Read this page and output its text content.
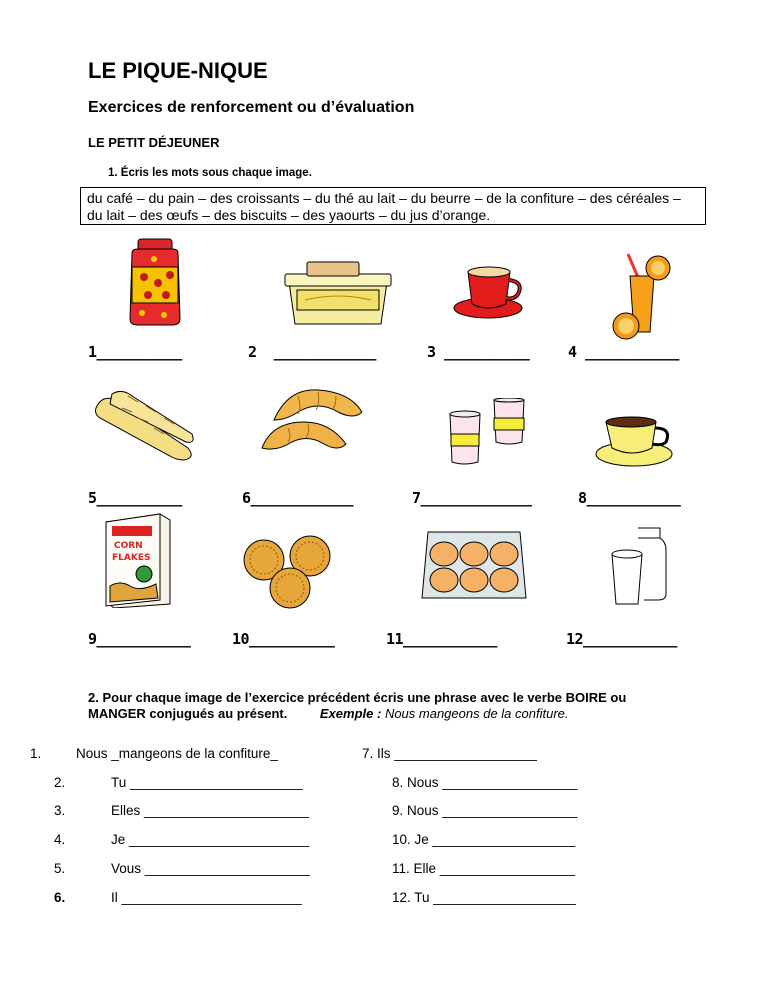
LE PIQUE-NIQUE
Exercices de renforcement ou d’évaluation
LE PETIT DÉJEUNER
1. Écris les mots sous chaque image.
du café – du pain – des croissants – du thé au lait – du beurre – de la confiture – des céréales – du lait – des œufs – des biscuits – des yaourts – du jus d’orange.
1__________	2  ____________	3 __________	4 ___________
5__________	6____________	7_____________	8___________
CORN
FLAKES
9___________	10__________	11___________	12___________
2. Pour chaque image de l’exercice précédent écris une phrase avec le verbe BOIRE ou MANGER conjugués au présent.	Exemple : Nous mangeons de la confiture.
1.	Nous _mangeons de la confiture_
2.	Tu _______________________
3.	Elles ______________________
4.	Je ________________________
5.	Vous ______________________
6.	Il ________________________
7. Ils ___________________
8. Nous __________________
9. Nous __________________
10. Je ___________________
11. Elle __________________
12. Tu ___________________
